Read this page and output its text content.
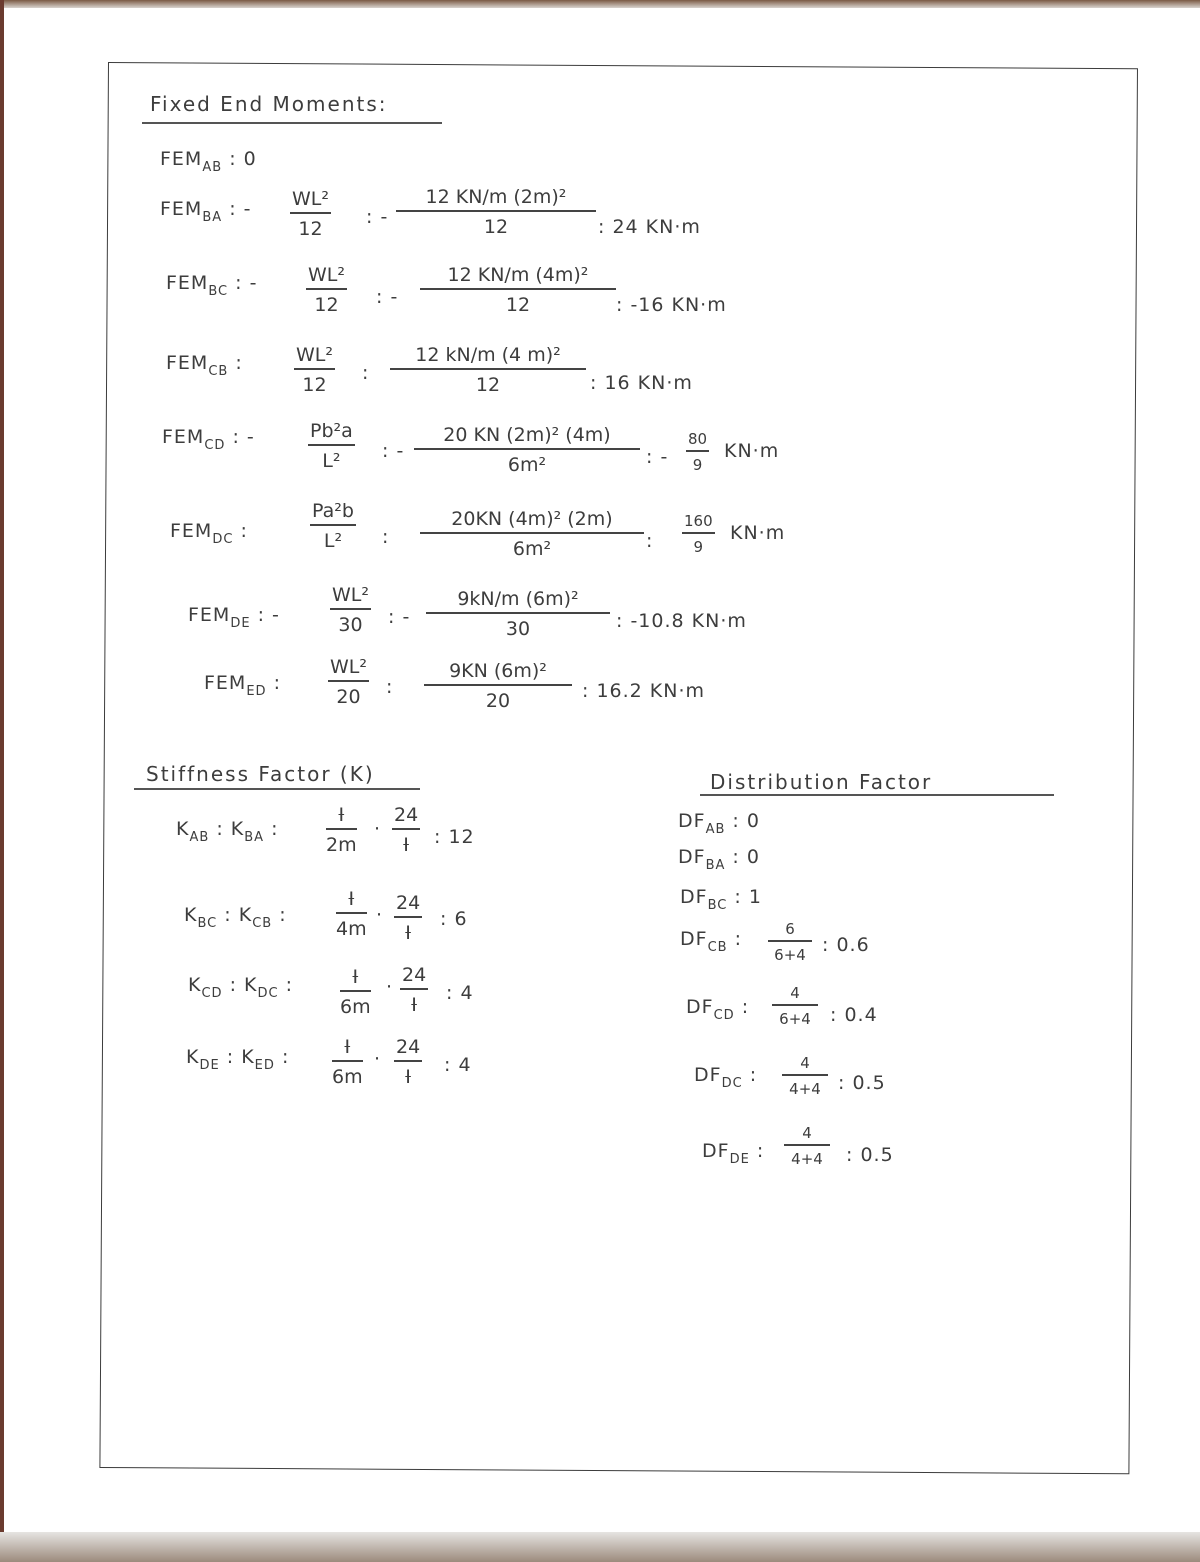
Fixed End Moments:
$FEM_{AB}$ : 0
$FEM_{BA}$ : - WL²
12
: -
12 KN/m (2m)²
12	: 24 KN·m
$FEM_{BC}$ : -	WL²
12 : -
12 KN/m (4m)²
12	: -16 KN·m
$FEM_{CB}$ :	WL²
12
:
12 kN/m (4 m)²
12	: 16 KN·m
$FEM_{CD}$ : -	Pb²a
L² : -
20 KN (2m)² (4m)
6m²	: -
80
9
KN·m
$FEM_{DC}$ :
Pa²b
L² :
20KN (4m)² (2m)
6m²	:
160
9
KN·m
$FEM_{DE}$ : -
WL²
30 : -
9kN/m (6m)²
30	: -10.8 KN·m
$FEM_{ED}$ :
WL²
20 :
9KN (6m)²
20	: 16.2 KN·m
Stiffness Factor (K)
$K_{AB}$ : $K_{BA}$ :
I
2m
·
24
I : 12
$K_{BC}$ : $K_{CB}$ :
I
4m
·
24
I
: 6
$K_{CD}$ : $K_{DC}$ :	I
6m
·
24
I
: 4
$K_{DE}$ : $K_{ED}$ :	I
6m
·
24
I
: 4
Distribution Factor
$DF_{AB}$ : 0
$DF_{BA}$ : 0
$DF_{BC}$ : 1
$DF_{CB}$ :	6
6+4 : 0.6
$DF_{CD}$ :
4
6+4 : 0.4
$DF_{DC}$ :
4
4+4 : 0.5
$DF_{DE}$ :
4
4+4 : 0.5
